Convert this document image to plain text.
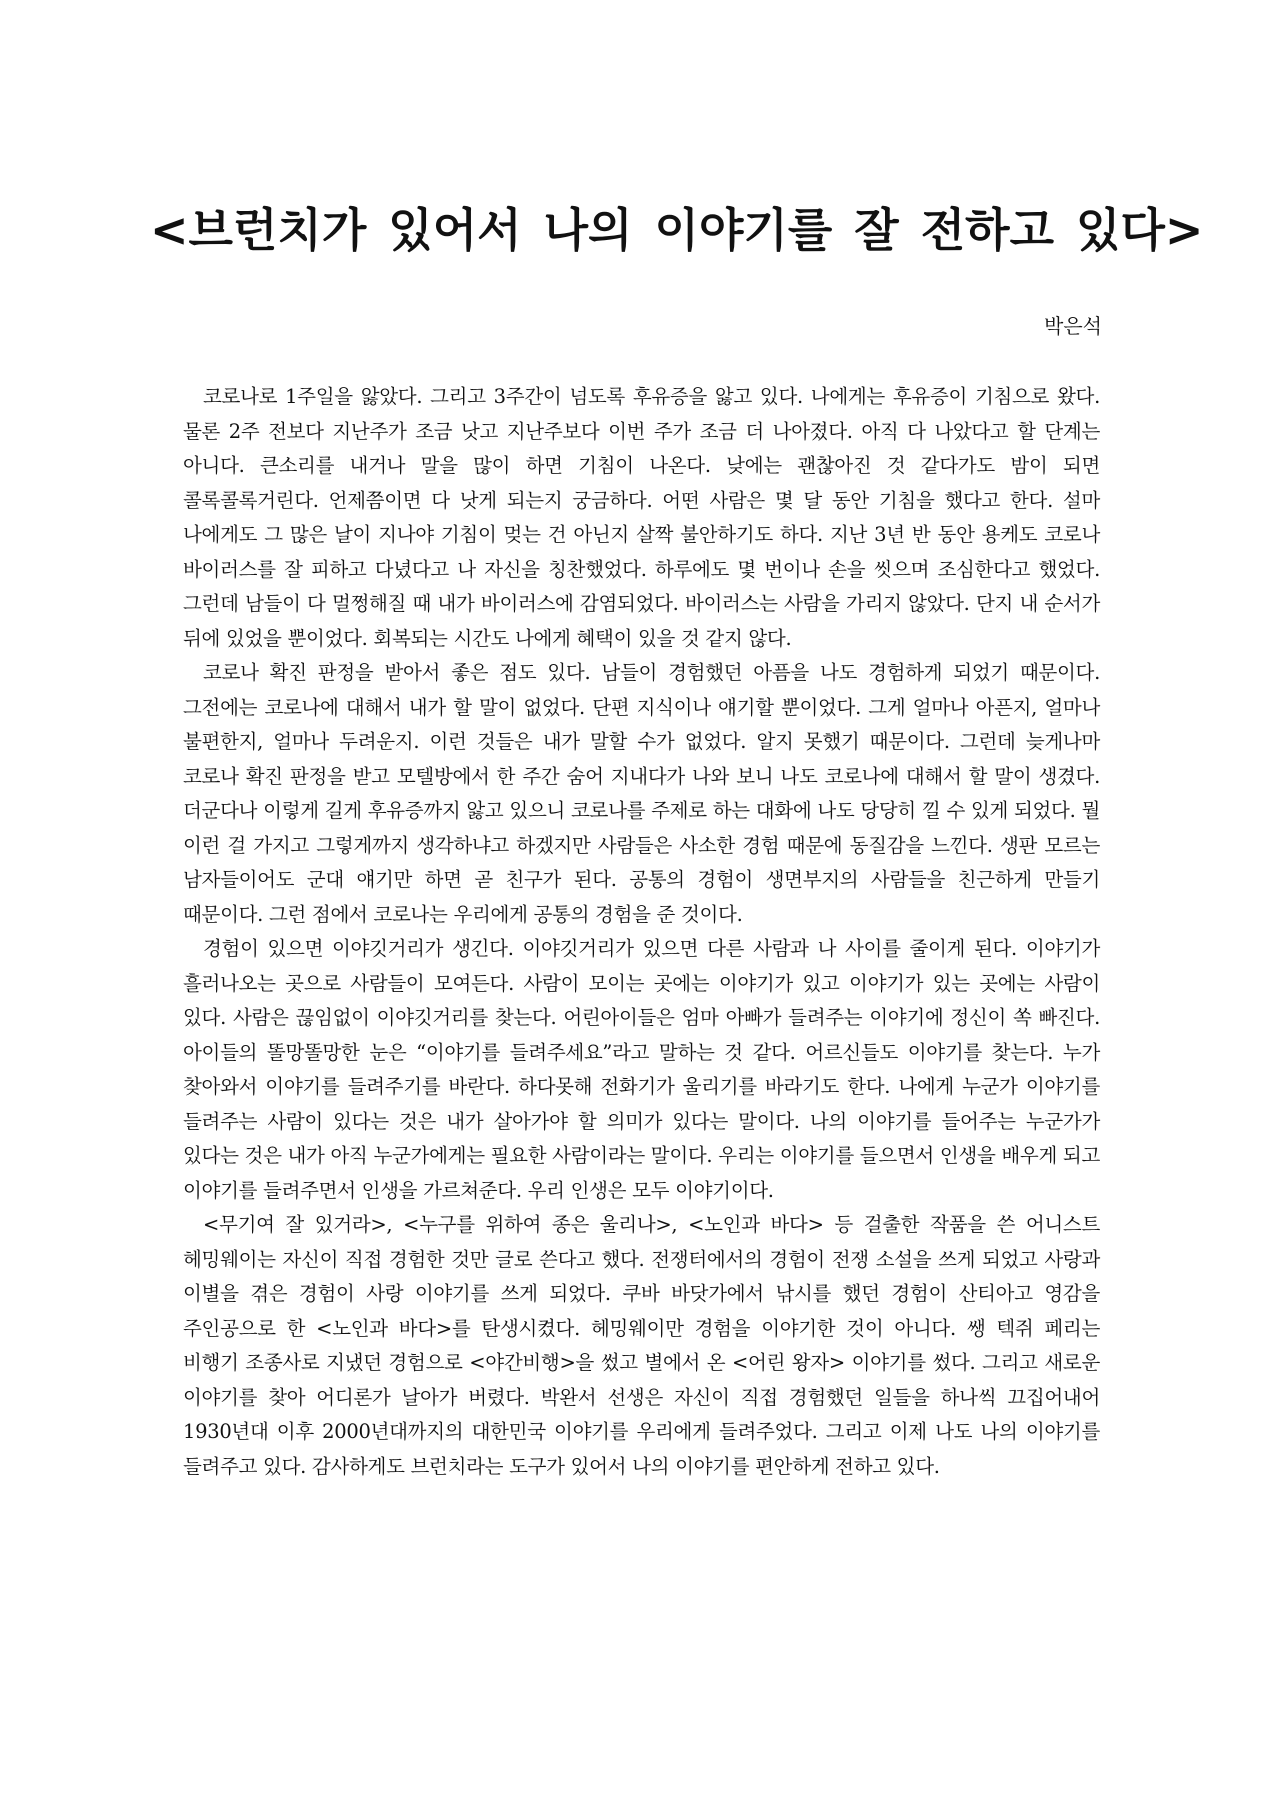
<브런치가 있어서 나의 이야기를 잘 전하고 있다>
박은석

코로나로 1주일을 앓았다. 그리고 3주간이 넘도록 후유증을 앓고 있다. 나에게는 후유증이 기침으로 왔다. 물론 2주 전보다 지난주가 조금 낫고 지난주보다 이번 주가 조금 더 나아졌다. 아직 다 나았다고 할 단계는 아니다. 큰소리를 내거나 말을 많이 하면 기침이 나온다. 낮에는 괜찮아진 것 같다가도 밤이 되면 콜록콜록거린다. 언제쯤이면 다 낫게 되는지 궁금하다. 어떤 사람은 몇 달 동안 기침을 했다고 한다. 설마 나에게도 그 많은 날이 지나야 기침이 멎는 건 아닌지 살짝 불안하기도 하다. 지난 3년 반 동안 용케도 코로나 바이러스를 잘 피하고 다녔다고 나 자신을 칭찬했었다. 하루에도 몇 번이나 손을 씻으며 조심한다고 했었다. 그런데 남들이 다 멀쩡해질 때 내가 바이러스에 감염되었다. 바이러스는 사람을 가리지 않았다. 단지 내 순서가 뒤에 있었을 뿐이었다. 회복되는 시간도 나에게 혜택이 있을 것 같지 않다.

코로나 확진 판정을 받아서 좋은 점도 있다. 남들이 경험했던 아픔을 나도 경험하게 되었기 때문이다. 그전에는 코로나에 대해서 내가 할 말이 없었다. 단편 지식이나 얘기할 뿐이었다. 그게 얼마나 아픈지, 얼마나 불편한지, 얼마나 두려운지. 이런 것들은 내가 말할 수가 없었다. 알지 못했기 때문이다. 그런데 늦게나마 코로나 확진 판정을 받고 모텔방에서 한 주간 숨어 지내다가 나와 보니 나도 코로나에 대해서 할 말이 생겼다. 더군다나 이렇게 길게 후유증까지 앓고 있으니 코로나를 주제로 하는 대화에 나도 당당히 낄 수 있게 되었다. 뭘 이런 걸 가지고 그렇게까지 생각하냐고 하겠지만 사람들은 사소한 경험 때문에 동질감을 느낀다. 생판 모르는 남자들이어도 군대 얘기만 하면 곧 친구가 된다. 공통의 경험이 생면부지의 사람들을 친근하게 만들기 때문이다. 그런 점에서 코로나는 우리에게 공통의 경험을 준 것이다.

경험이 있으면 이야깃거리가 생긴다. 이야깃거리가 있으면 다른 사람과 나 사이를 줄이게 된다. 이야기가 흘러나오는 곳으로 사람들이 모여든다. 사람이 모이는 곳에는 이야기가 있고 이야기가 있는 곳에는 사람이 있다. 사람은 끊임없이 이야깃거리를 찾는다. 어린아이들은 엄마 아빠가 들려주는 이야기에 정신이 쏙 빠진다. 아이들의 똘망똘망한 눈은 “이야기를 들려주세요”라고 말하는 것 같다. 어르신들도 이야기를 찾는다. 누가 찾아와서 이야기를 들려주기를 바란다. 하다못해 전화기가 울리기를 바라기도 한다. 나에게 누군가 이야기를 들려주는 사람이 있다는 것은 내가 살아가야 할 의미가 있다는 말이다. 나의 이야기를 들어주는 누군가가 있다는 것은 내가 아직 누군가에게는 필요한 사람이라는 말이다. 우리는 이야기를 들으면서 인생을 배우게 되고 이야기를 들려주면서 인생을 가르쳐준다. 우리 인생은 모두 이야기이다.

<무기여 잘 있거라>, <누구를 위하여 종은 울리나>, <노인과 바다> 등 걸출한 작품을 쓴 어니스트 헤밍웨이는 자신이 직접 경험한 것만 글로 쓴다고 했다. 전쟁터에서의 경험이 전쟁 소설을 쓰게 되었고 사랑과 이별을 겪은 경험이 사랑 이야기를 쓰게 되었다. 쿠바 바닷가에서 낚시를 했던 경험이 산티아고 영감을 주인공으로 한 <노인과 바다>를 탄생시켰다. 헤밍웨이만 경험을 이야기한 것이 아니다. 쌩 텍쥐 페리는 비행기 조종사로 지냈던 경험으로 <야간비행>을 썼고 별에서 온 <어린 왕자> 이야기를 썼다. 그리고 새로운 이야기를 찾아 어디론가 날아가 버렸다. 박완서 선생은 자신이 직접 경험했던 일들을 하나씩 끄집어내어 1930년대 이후 2000년대까지의 대한민국 이야기를 우리에게 들려주었다. 그리고 이제 나도 나의 이야기를 들려주고 있다. 감사하게도 브런치라는 도구가 있어서 나의 이야기를 편안하게 전하고 있다.
